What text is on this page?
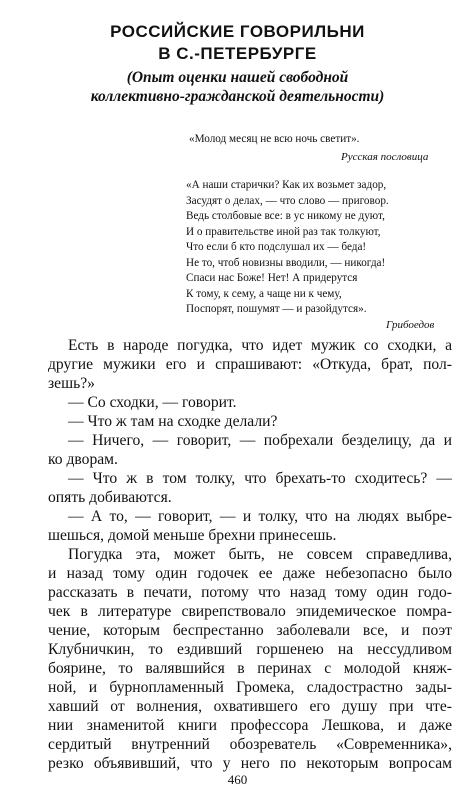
РОССИЙСКИЕ ГОВОРИЛЬНИ
В С.-ПЕТЕРБУРГЕ
(Опыт оценки нашей свободной
коллективно-гражданской деятельности)
«Молод месяц не всю ночь светит».
Русская пословица
«А наши старички? Как их возьмет задор,
Засудят о делах, — что слово — приговор.
Ведь столбовые все: в ус никому не дуют,
И о правительстве иной раз так толкуют,
Что если б кто подслушал их — беда!
Не то, чтоб новизны вводили, — никогда!
Спаси нас Боже! Нет! А придерутся
К тому, к сему, а чаще ни к чему,
Поспорят, пошумят — и разойдутся».
Грибоедов
Есть в народе погудка, что идет мужик со сходки, а
другие мужики его и спрашивают: «Откуда, брат, пол-
зешь?»
— Со сходки, — говорит.
— Что ж там на сходке делали?
— Ничего, — говорит, — побрехали безделицу, да и
ко дворам.
— Что ж в том толку, что брехать-то сходитесь? —
опять добиваются.
— А то, — говорит, — и толку, что на людях выбре-
шешься, домой меньше брехни принесешь.
Погудка эта, может быть, не совсем справедлива,
и назад тому один годочек ее даже небезопасно было
рассказать в печати, потому что назад тому один годо-
чек в литературе свирепствовало эпидемическое помра-
чение, которым беспрестанно заболевали все, и поэт
Клубничкин, то ездивший горшенею на нессудливом
боярине, то валявшийся в перинах с молодой княж-
ной, и бурнопламенный Громека, сладострастно зады-
хавший от волнения, охватившего его душу при чте-
нии знаменитой книги профессора Лешкова, и даже
сердитый внутренний обозреватель «Современника»,
резко объявивший, что у него по некоторым вопросам
460
